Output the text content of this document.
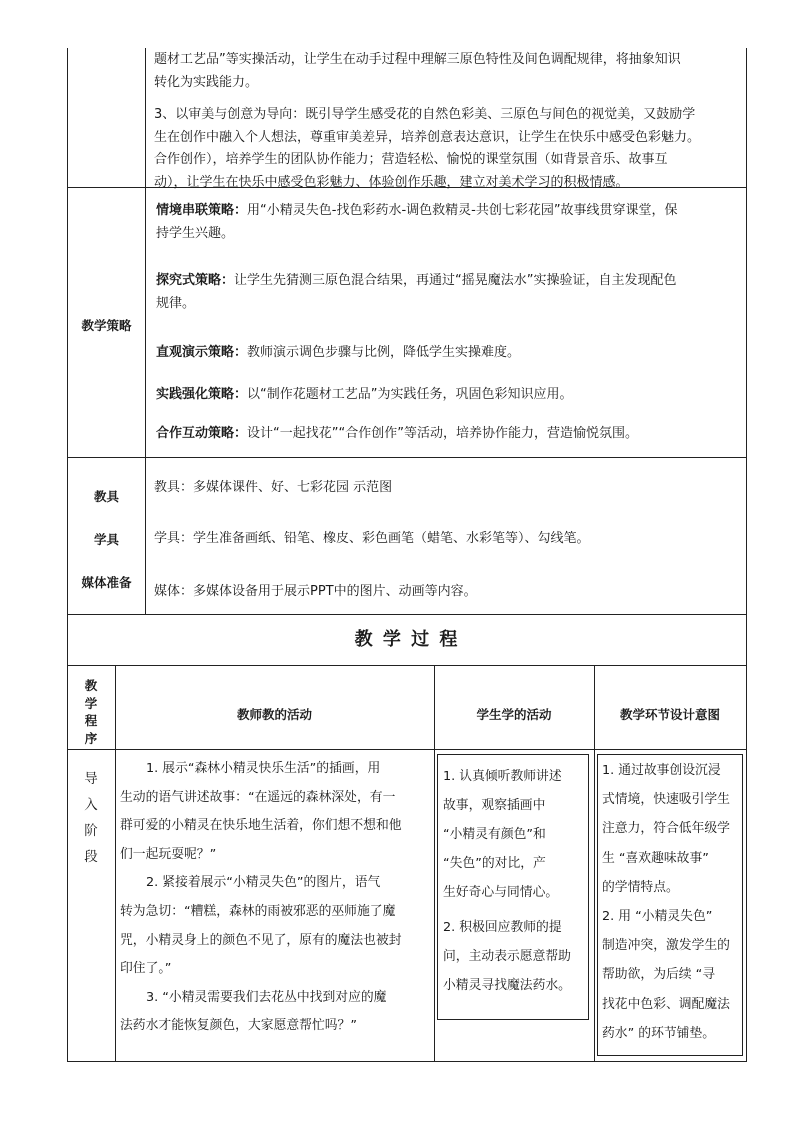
题材工艺品”等实操活动，让学生在动手过程中理解三原色特性及间色调配规律，将抽象知识

转化为实践能力。

3、以审美与创意为导向：既引导学生感受花的自然色彩美、三原色与间色的视觉美，又鼓励学

生在创作中融入个人想法，尊重审美差异，培养创意表达意识，让学生在快乐中感受色彩魅力。

合作创作），培养学生的团队协作能力；营造轻松、愉悦的课堂氛围（如背景音乐、故事互

动），让学生在快乐中感受色彩魅力、体验创作乐趣，建立对美术学习的积极情感。

教学策略

情境串联策略：用“小精灵失色-找色彩药水-调色救精灵-共创七彩花园”故事线贯穿课堂，保

持学生兴趣。

探究式策略：让学生先猜测三原色混合结果，再通过“摇晃魔法水”实操验证，自主发现配色

规律。

直观演示策略：教师演示调色步骤与比例，降低学生实操难度。

实践强化策略：以“制作花题材工艺品”为实践任务，巩固色彩知识应用。

合作互动策略：设计“一起找花”“合作创作”等活动，培养协作能力，营造愉悦氛围。

教具
学具
媒体准备
教具：多媒体课件、好、七彩花园 示范图
学具：学生准备画纸、铅笔、橡皮、彩色画笔（蜡笔、水彩笔等）、勾线笔。
媒体：多媒体设备用于展示PPT中的图片、动画等内容。
教 学 过 程
教
学
程
序
教师教的活动	学生学的活动	教学环节设计意图
导
入
阶
段

1. 展示“森林小精灵快乐生活”的插画，用

生动的语气讲述故事：“在遥远的森林深处，有一

群可爱的小精灵在快乐地生活着，你们想不想和他

们一起玩耍呢？”

2. 紧接着展示“小精灵失色”的图片，语气

转为急切：“糟糕，森林的雨被邪恶的巫师施了魔

咒，小精灵身上的颜色不见了，原有的魔法也被封

印住了。”

3. “小精灵需要我们去花丛中找到对应的魔

法药水才能恢复颜色，大家愿意帮忙吗？”

1. 认真倾听教师讲述

故事，观察插画中

“小精灵有颜色”和

“失色”的对比，产

生好奇心与同情心。

2. 积极回应教师的提

问，主动表示愿意帮助

小精灵寻找魔法药水。

1. 通过故事创设沉浸

式情境，快速吸引学生

注意力，符合低年级学

生 “喜欢趣味故事”

的学情特点。

2. 用 “小精灵失色”

制造冲突，激发学生的

帮助欲，为后续 “寻

找花中色彩、调配魔法

药水” 的环节铺垫。
